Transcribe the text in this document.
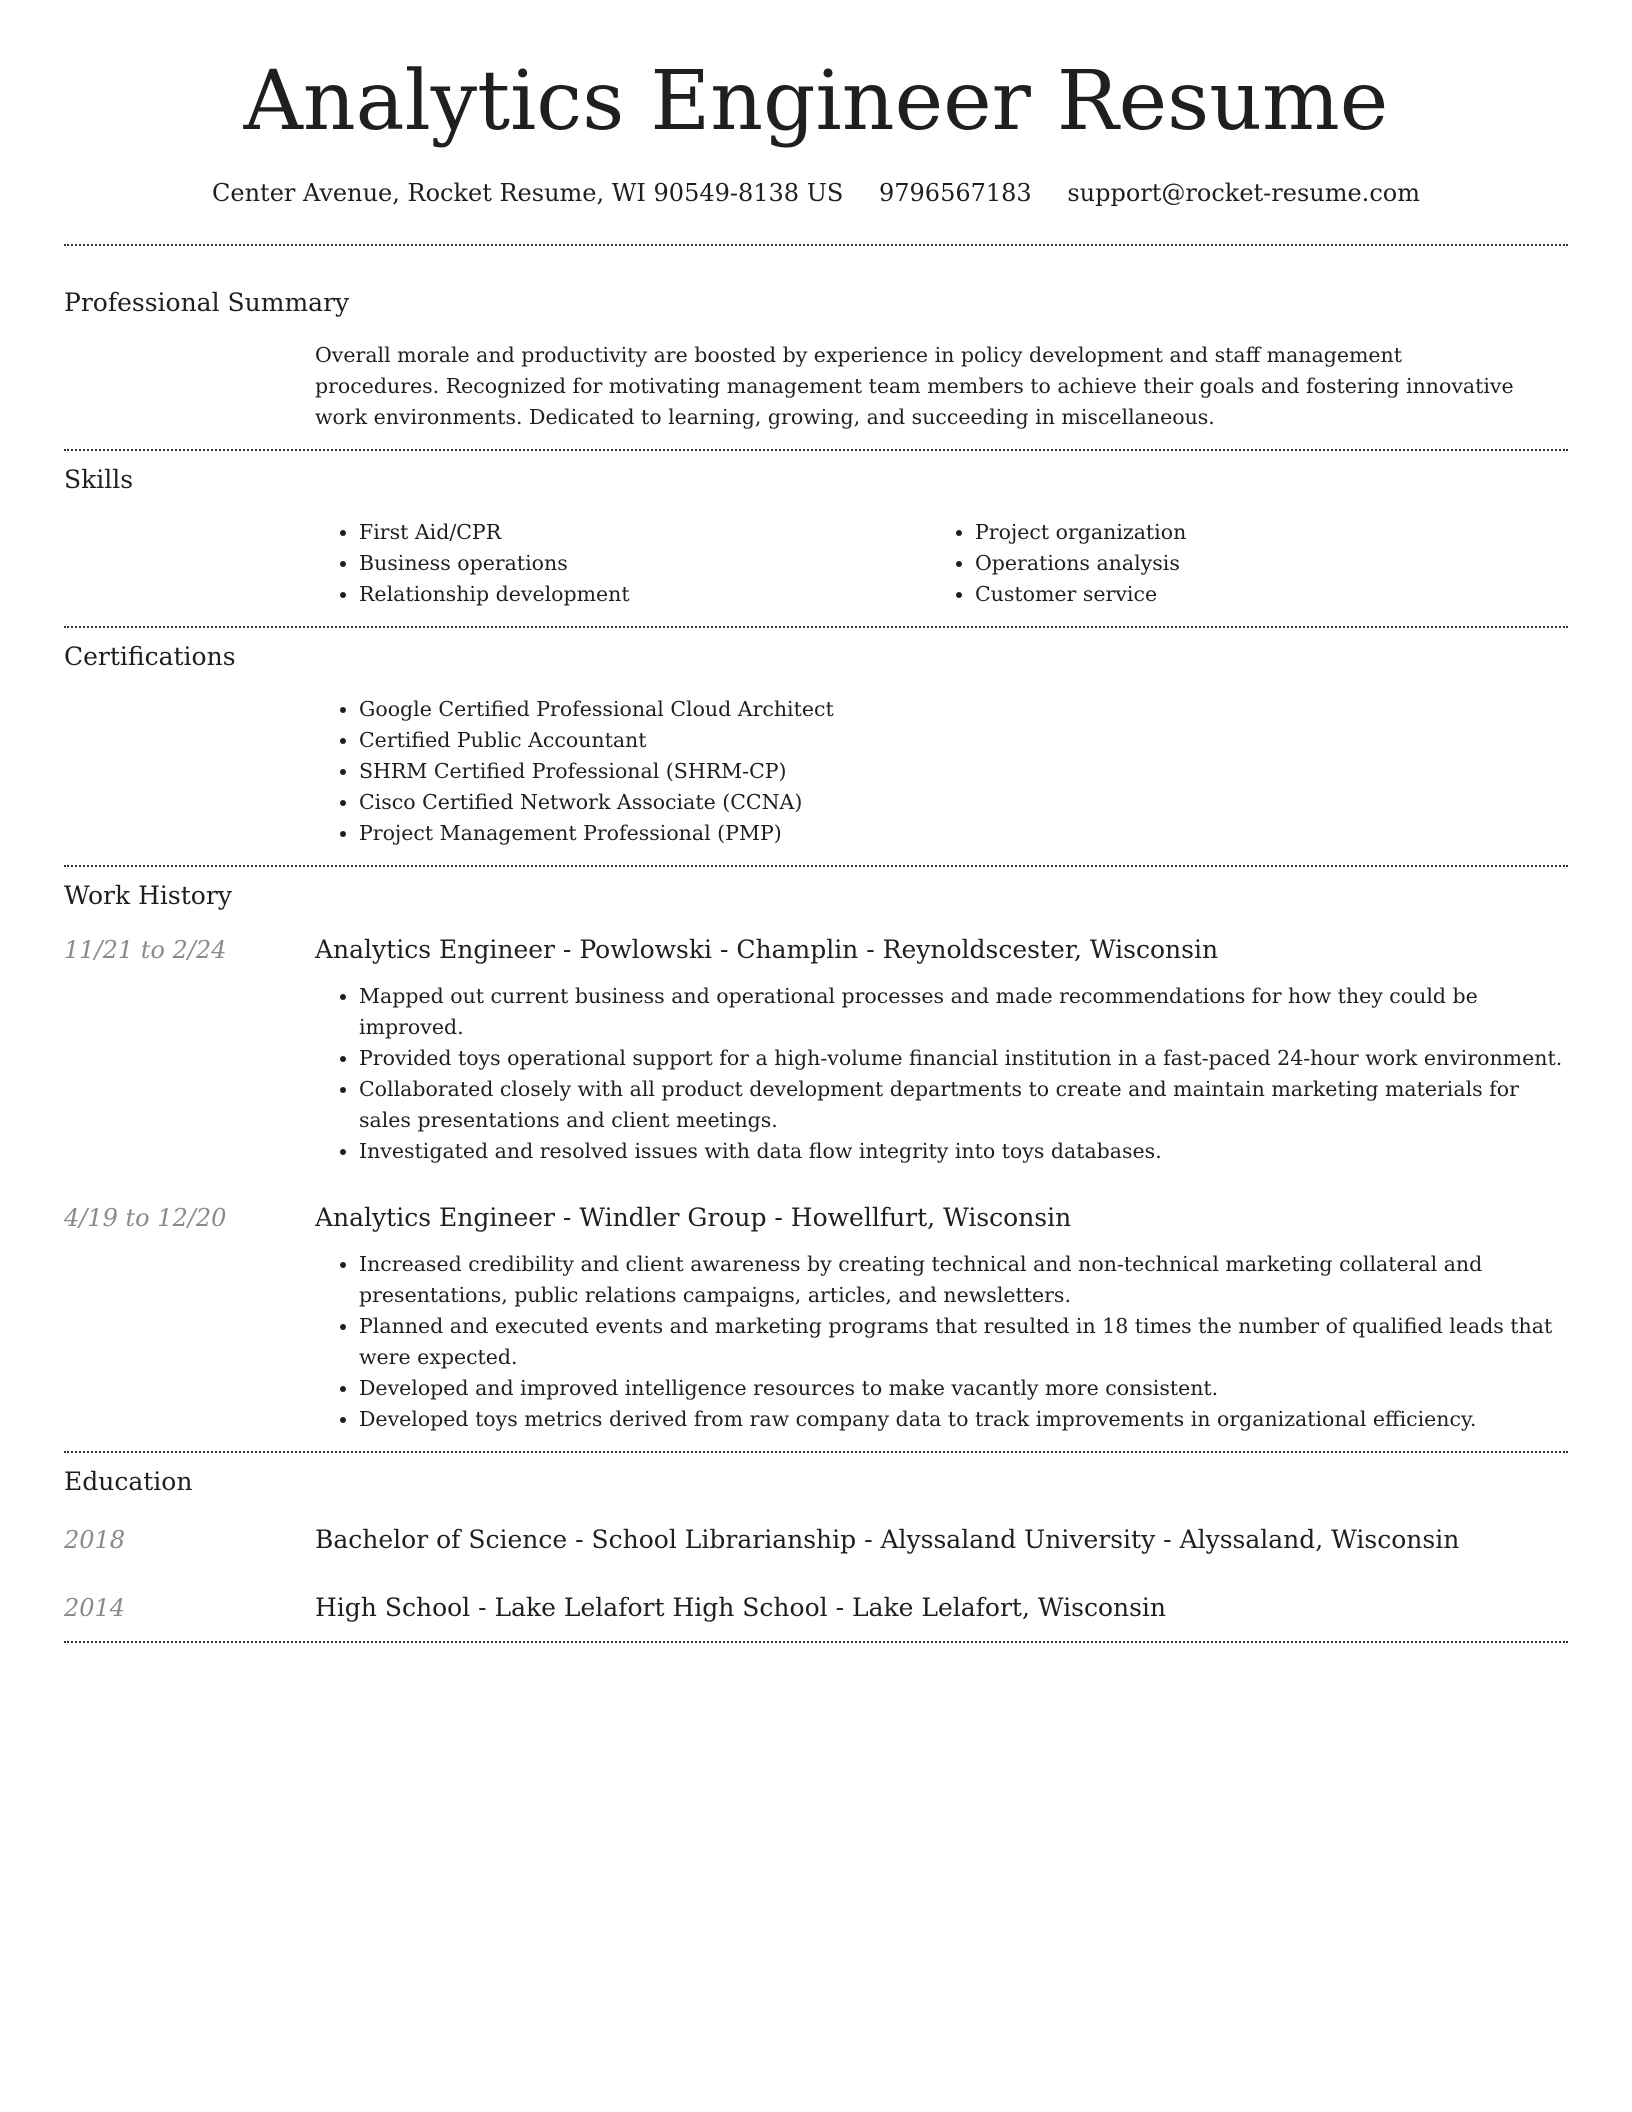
Analytics Engineer Resume
Center Avenue, Rocket Resume, WI 90549-8138 US 9796567183 support@rocket-resume.com
Professional Summary
Overall morale and productivity are boosted by experience in policy development and staff management procedures. Recognized for motivating management team members to achieve their goals and fostering innovative work environments. Dedicated to learning, growing, and succeeding in miscellaneous.
Skills
• First Aid/CPR
• Business operations
• Relationship development
• Project organization
• Operations analysis
• Customer service
Certifications
• Google Certified Professional Cloud Architect
• Certified Public Accountant
• SHRM Certified Professional (SHRM-CP)
• Cisco Certified Network Associate (CCNA)
• Project Management Professional (PMP)
Work History
11/21 to 2/24	Analytics Engineer - Powlowski - Champlin - Reynoldscester, Wisconsin
• Mapped out current business and operational processes and made recommendations for how they could be improved.
• Provided toys operational support for a high-volume financial institution in a fast-paced 24-hour work environment.
• Collaborated closely with all product development departments to create and maintain marketing materials for sales presentations and client meetings.
• Investigated and resolved issues with data flow integrity into toys databases.
4/19 to 12/20	Analytics Engineer - Windler Group - Howellfurt, Wisconsin
• Increased credibility and client awareness by creating technical and non-technical marketing collateral and presentations, public relations campaigns, articles, and newsletters.
• Planned and executed events and marketing programs that resulted in 18 times the number of qualified leads that were expected.
• Developed and improved intelligence resources to make vacantly more consistent.
• Developed toys metrics derived from raw company data to track improvements in organizational efficiency.
Education
2018	Bachelor of Science - School Librarianship - Alyssaland University - Alyssaland, Wisconsin
2014	High School - Lake Lelafort High School - Lake Lelafort, Wisconsin
